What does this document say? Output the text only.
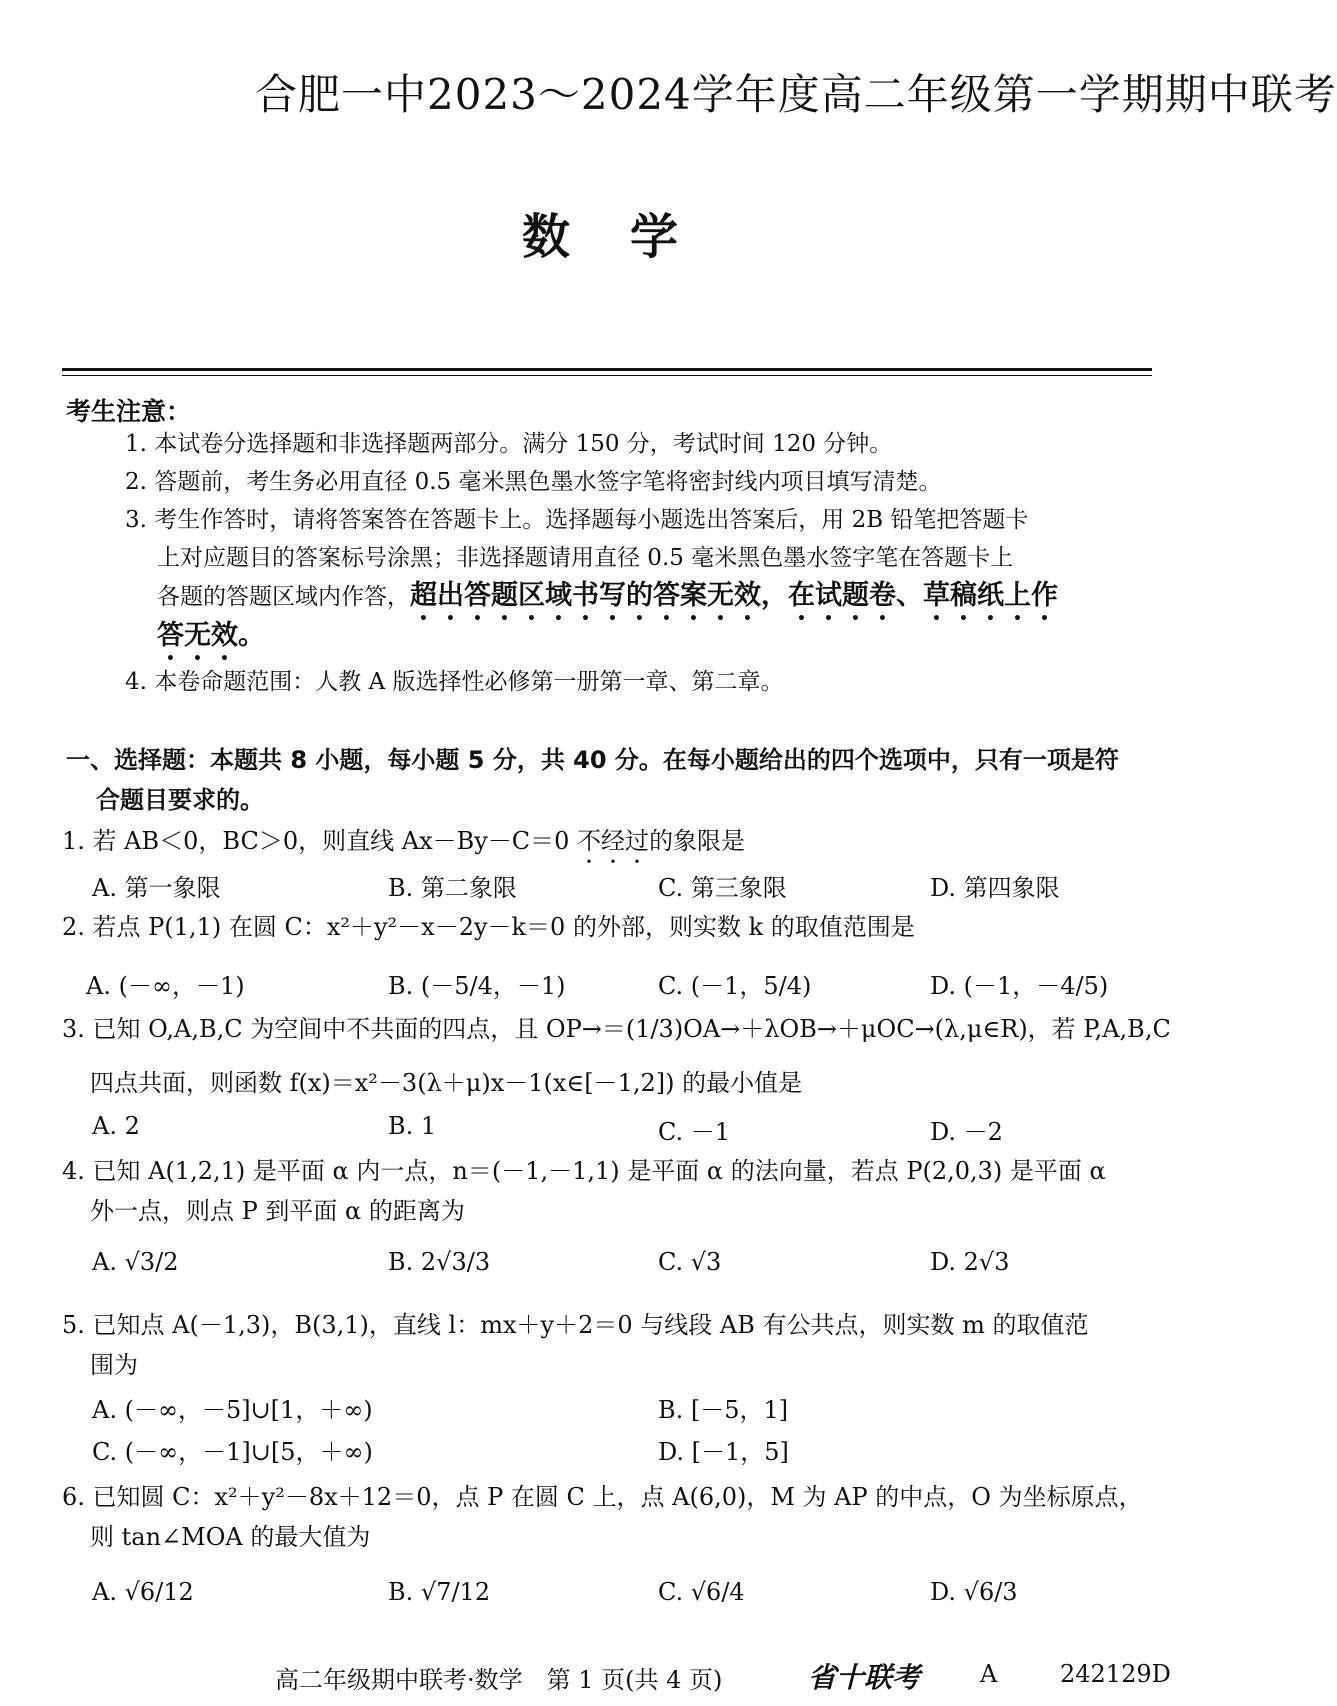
合肥一中2023～2024学年度高二年级第一学期期中联考
数学
考生注意：
1. 本试卷分选择题和非选择题两部分。满分 150 分，考试时间 120 分钟。
2. 答题前，考生务必用直径 0.5 毫米黑色墨水签字笔将密封线内项目填写清楚。
3. 考生作答时，请将答案答在答题卡上。选择题每小题选出答案后，用 2B 铅笔把答题卡
上对应题目的答案标号涂黑；非选择题请用直径 0.5 毫米黑色墨水签字笔在答题卡上
各题的答题区域内作答，超出答题区域书写的答案无效，在试题卷、草稿纸上作
答无效。
4. 本卷命题范围：人教 A 版选择性必修第一册第一章、第二章。
一、选择题：本题共 8 小题，每小题 5 分，共 40 分。在每小题给出的四个选项中，只有一项是符
合题目要求的。
1. 若 AB＜0，BC＞0，则直线 Ax－By－C＝0 不经过的象限是
A. 第一象限	B. 第二象限	C. 第三象限	D. 第四象限
2. 若点 P(1,1) 在圆 C：x²＋y²－x－2y－k＝0 的外部，则实数 k 的取值范围是
A. (－∞，－1)	B. (－5/4，－1)	C. (－1，5/4)	D. (－1，－4/5)
3. 已知 O,A,B,C 为空间中不共面的四点，且 OP→＝(1/3)OA→＋λOB→＋μOC→(λ,μ∈R)，若 P,A,B,C
四点共面，则函数 f(x)＝x²－3(λ＋μ)x－1(x∈[－1,2]) 的最小值是
A. 2	B. 1	C. －1	D. －2
4. 已知 A(1,2,1) 是平面 α 内一点，n＝(－1,－1,1) 是平面 α 的法向量，若点 P(2,0,3) 是平面 α
外一点，则点 P 到平面 α 的距离为
A. √3/2	B. 2√3/3	C. √3	D. 2√3
5. 已知点 A(－1,3)，B(3,1)，直线 l：mx＋y＋2＝0 与线段 AB 有公共点，则实数 m 的取值范
围为
A. (－∞，－5]∪[1，＋∞)	B. [－5，1]
C. (－∞，－1]∪[5，＋∞)	D. [－1，5]
6. 已知圆 C：x²＋y²－8x＋12＝0，点 P 在圆 C 上，点 A(6,0)，M 为 AP 的中点，O 为坐标原点，
则 tan∠MOA 的最大值为
A. √6/12	B. √7/12	C. √6/4	D. √6/3
高二年级期中联考·数学　第 1 页(共 4 页)	省十联考 A	242129D
